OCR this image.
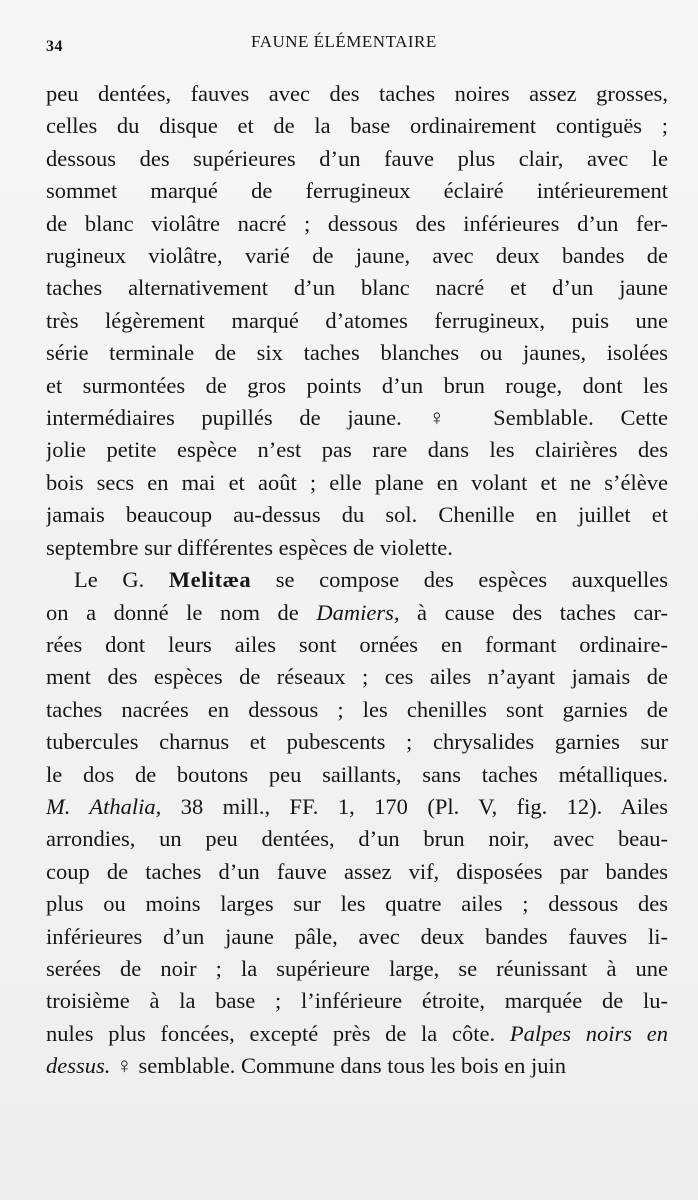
34	FAUNE ÉLÉMENTAIRE
peu dentées, fauves avec des taches noires assez grosses,
celles du disque et de la base ordinairement contiguës ;
dessous des supérieures d’un fauve plus clair, avec le
sommet marqué de ferrugineux éclairé intérieurement
de blanc violâtre nacré ; dessous des inférieures d’un fer-
rugineux violâtre, varié de jaune, avec deux bandes de
taches alternativement d’un blanc nacré et d’un jaune
très légèrement marqué d’atomes ferrugineux, puis une
série terminale de six taches blanches ou jaunes, isolées
et surmontées de gros points d’un brun rouge, dont les
intermédiaires pupillés de jaune. ♀ Semblable. Cette
jolie petite espèce n’est pas rare dans les clairières des
bois secs en mai et août ; elle plane en volant et ne s’élève
jamais beaucoup au-dessus du sol. Chenille en juillet et
septembre sur différentes espèces de violette.
Le G. Melitæa se compose des espèces auxquelles
on a donné le nom de Damiers, à cause des taches car-
rées dont leurs ailes sont ornées en formant ordinaire-
ment des espèces de réseaux ; ces ailes n’ayant jamais de
taches nacrées en dessous ; les chenilles sont garnies de
tubercules charnus et pubescents ; chrysalides garnies sur
le dos de boutons peu saillants, sans taches métalliques.
M. Athalia, 38 mill., FF. 1, 170 (Pl. V, fig. 12). Ailes
arrondies, un peu dentées, d’un brun noir, avec beau-
coup de taches d’un fauve assez vif, disposées par bandes
plus ou moins larges sur les quatre ailes ; dessous des
inférieures d’un jaune pâle, avec deux bandes fauves li-
serées de noir ; la supérieure large, se réunissant à une
troisième à la base ; l’inférieure étroite, marquée de lu-
nules plus foncées, excepté près de la côte. Palpes noirs en
dessus. ♀ semblable. Commune dans tous les bois en juin
